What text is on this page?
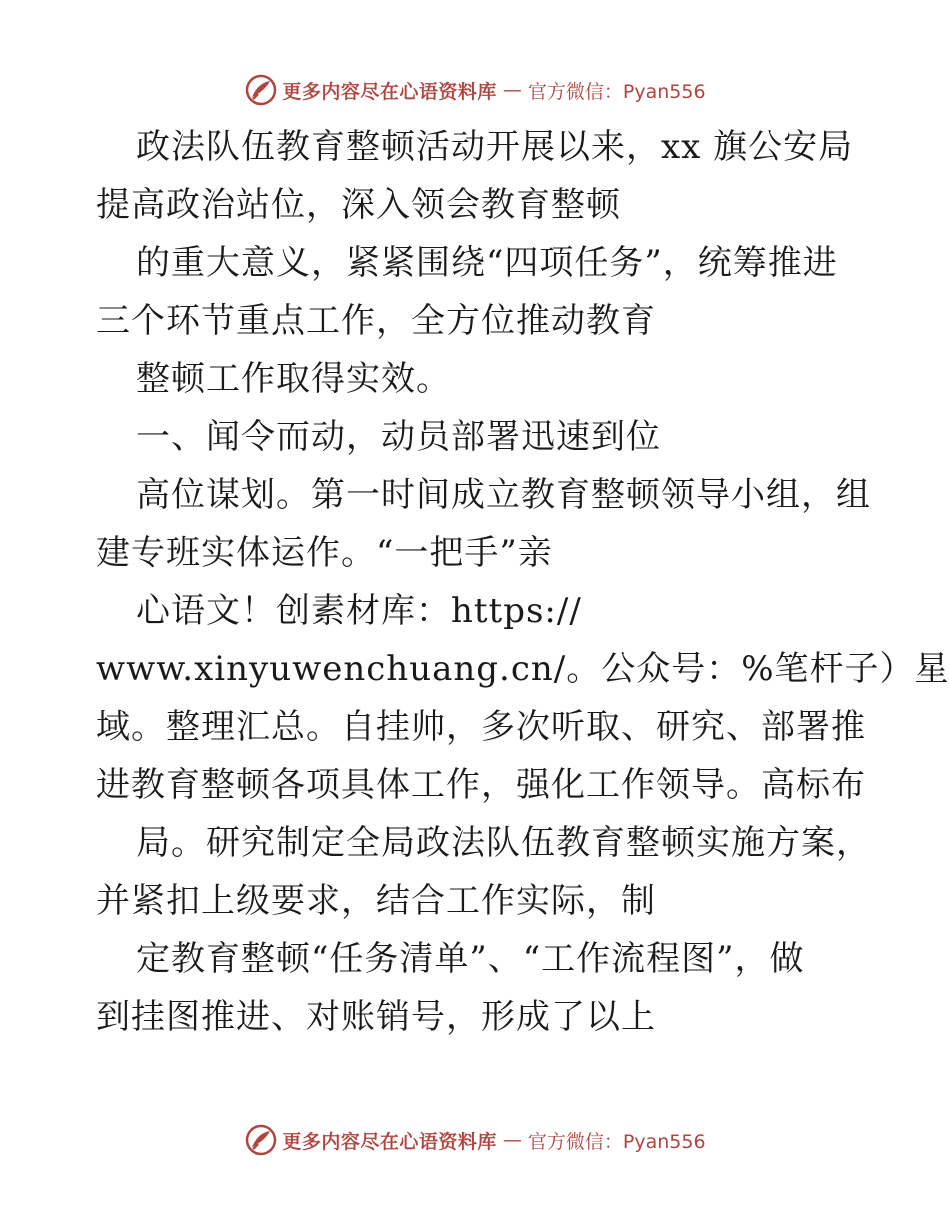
更多内容尽在心语资料库 — 官方微信：Pyan556
政法队伍教育整顿活动开展以来，xx 旗公安局
提高政治站位，深入领会教育整顿
的重大意义，紧紧围绕“四项任务”，统筹推进
三个环节重点工作，全方位推动教育
整顿工作取得实效。
一、闻令而动，动员部署迅速到位
高位谋划。第一时间成立教育整顿领导小组，组
建专班实体运作。“一把手”亲
心语文！创素材库：https://
www.xinyuwenchuang.cn/。公众号：%笔杆子）星
域。整理汇总。自挂帅，多次听取、研究、部署推
进教育整顿各项具体工作，强化工作领导。高标布
局。研究制定全局政法队伍教育整顿实施方案，
并紧扣上级要求，结合工作实际，制
定教育整顿“任务清单”、“工作流程图”，做
到挂图推进、对账销号，形成了以上
更多内容尽在心语资料库 — 官方微信：Pyan556
